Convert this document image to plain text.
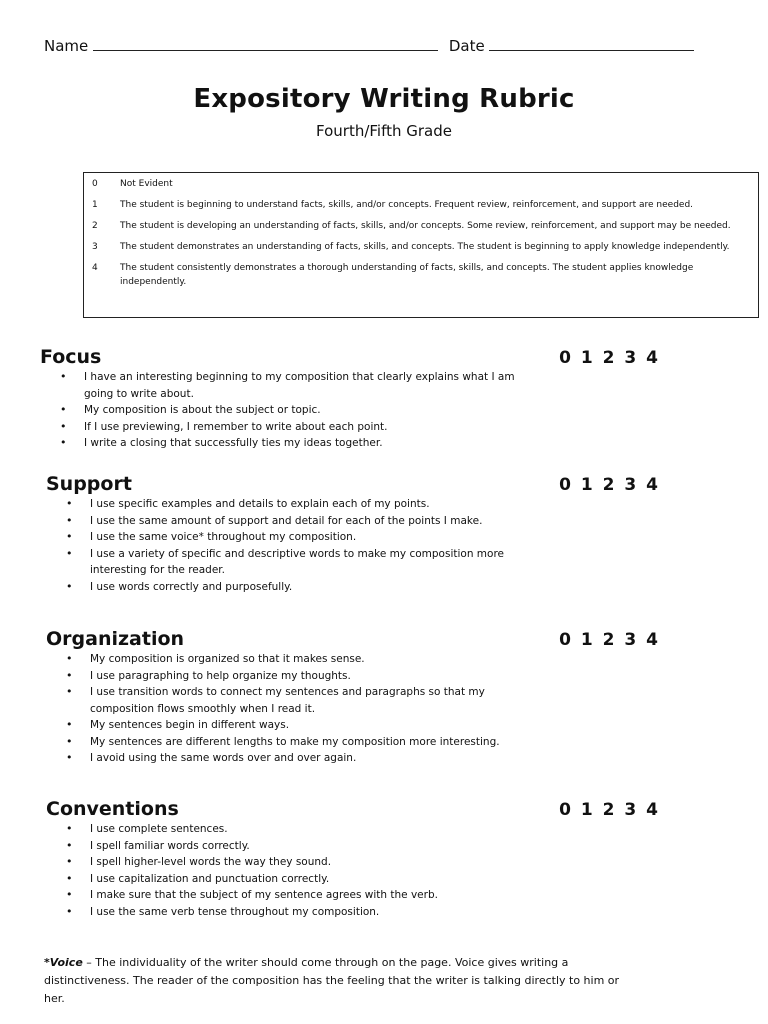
Name	Date
Expository Writing Rubric
Fourth/Fifth Grade
0	Not Evident
1	The student is beginning to understand facts, skills, and/or concepts. Frequent review, reinforcement, and support are needed.
2	The student is developing an understanding of facts, skills, and/or concepts. Some review, reinforcement, and support may be needed.
3	The student demonstrates an understanding of facts, skills, and concepts. The student is beginning to apply knowledge independently.
4	The student consistently demonstrates a thorough understanding of facts, skills, and concepts. The student applies knowledge independently.
Focus	0 1 2 3 4
• I have an interesting beginning to my composition that clearly explains what I am going to write about.
• My composition is about the subject or topic.
• If I use previewing, I remember to write about each point.
• I write a closing that successfully ties my ideas together.
Support	0 1 2 3 4
• I use specific examples and details to explain each of my points.
• I use the same amount of support and detail for each of the points I make.
• I use the same voice* throughout my composition.
• I use a variety of specific and descriptive words to make my composition more interesting for the reader.
• I use words correctly and purposefully.
Organization	0 1 2 3 4
• My composition is organized so that it makes sense.
• I use paragraphing to help organize my thoughts.
• I use transition words to connect my sentences and paragraphs so that my composition flows smoothly when I read it.
• My sentences begin in different ways.
• My sentences are different lengths to make my composition more interesting.
• I avoid using the same words over and over again.
Conventions	0 1 2 3 4
• I use complete sentences.
• I spell familiar words correctly.
• I spell higher-level words the way they sound.
• I use capitalization and punctuation correctly.
• I make sure that the subject of my sentence agrees with the verb.
• I use the same verb tense throughout my composition.
*Voice – The individuality of the writer should come through on the page. Voice gives writing a distinctiveness. The reader of the composition has the feeling that the writer is talking directly to him or her.
